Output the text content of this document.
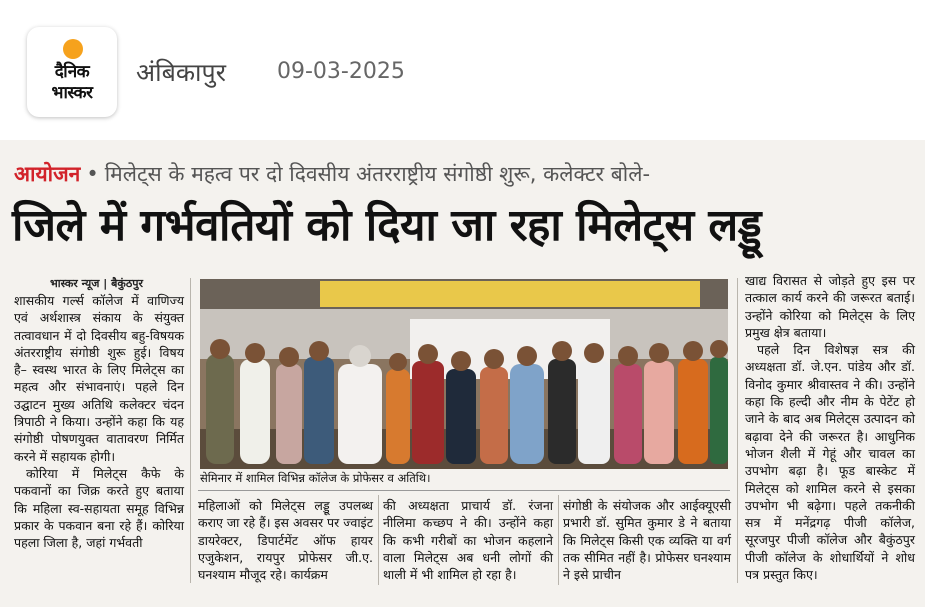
दैनिक
भास्कर
अंबिकापुर 09-03-2025
आयोजन • मिलेट्स के महत्व पर दो दिवसीय अंतरराष्ट्रीय संगोष्ठी शुरू, कलेक्टर बोले-
जिले में गर्भवतियों को दिया जा रहा मिलेट्स लड्डू
भास्कर न्यूज | बैकुंठपुर

शासकीय गर्ल्स कॉलेज में वाणिज्य एवं अर्थशास्त्र संकाय के संयुक्त तत्वावधान में दो दिवसीय बहु-विषयक अंतरराष्ट्रीय संगोष्ठी शुरू हुई। विषय है– स्वस्थ भारत के लिए मिलेट्स का महत्व और संभावनाएं। पहले दिन उद्घाटन मुख्य अतिथि कलेक्टर चंदन त्रिपाठी ने किया। उन्होंने कहा कि यह संगोष्ठी पोषणयुक्त वातावरण निर्मित करने में सहायक होगी।

कोरिया में मिलेट्स कैफे के पकवानों का जिक्र करते हुए बताया कि महिला स्व-सहायता समूह विभिन्न प्रकार के पकवान बना रहे हैं। कोरिया पहला जिला है, जहां गर्भवती

सेमिनार में शामिल विभिन्न कॉलेज के प्रोफेसर व अतिथि।

महिलाओं को मिलेट्स लड्डू उपलब्ध कराए जा रहे हैं। इस अवसर पर ज्वाइंट डायरेक्टर, डिपार्टमेंट ऑफ हायर एजुकेशन, रायपुर प्रोफेसर जी.ए. घनश्याम मौजूद रहे। कार्यक्रम

की अध्यक्षता प्राचार्य डॉ. रंजना नीलिमा कच्छप ने की। उन्होंने कहा कि कभी गरीबों का भोजन कहलाने वाला मिलेट्स अब धनी लोगों की थाली में भी शामिल हो रहा है।

संगोष्ठी के संयोजक और आईक्यूएसी प्रभारी डॉ. सुमित कुमार डे ने बताया कि मिलेट्स किसी एक व्यक्ति या वर्ग तक सीमित नहीं है। प्रोफेसर घनश्याम ने इसे प्राचीन

खाद्य विरासत से जोड़ते हुए इस पर तत्काल कार्य करने की जरूरत बताई। उन्होंने कोरिया को मिलेट्स के लिए प्रमुख क्षेत्र बताया।

पहले दिन विशेषज्ञ सत्र की अध्यक्षता डॉ. जे.एन. पांडेय और डॉ. विनोद कुमार श्रीवास्तव ने की। उन्होंने कहा कि हल्दी और नीम के पेटेंट हो जाने के बाद अब मिलेट्स उत्पादन को बढ़ावा देने की जरूरत है। आधुनिक भोजन शैली में गेहूं और चावल का उपभोग बढ़ा है। फूड बास्केट में मिलेट्स को शामिल करने से इसका उपभोग भी बढ़ेगा। पहले तकनीकी सत्र में मनेंद्रगढ़ पीजी कॉलेज, सूरजपुर पीजी कॉलेज और बैकुंठपुर पीजी कॉलेज के शोधार्थियों ने शोध पत्र प्रस्तुत किए।
